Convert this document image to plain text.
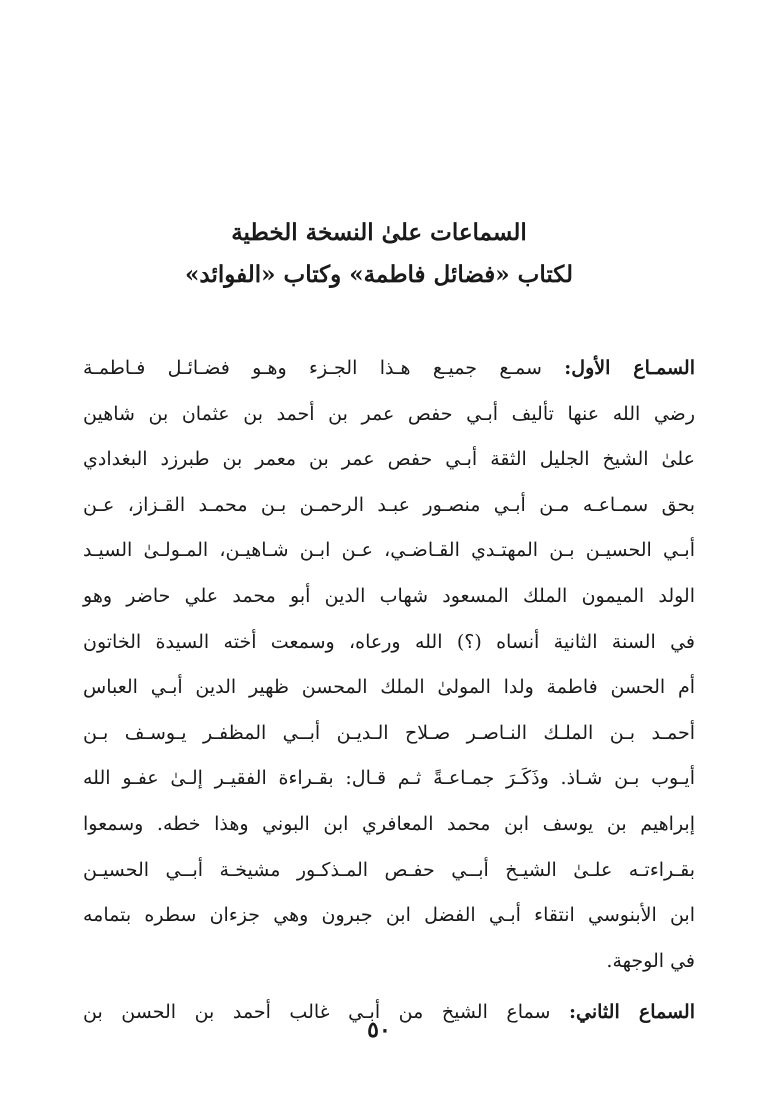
السماعات علىٰ النسخة الخطية
لكتاب «فضائل فاطمة» وكتاب «الفوائد»
السمـاع الأول: سمـع جميـع هـذا الجـزء وهـو فضـائـل فـاطمـة
رضي الله عنها تأليف أبـي حفص عمر بن أحمد بن عثمان بن شاهين
علىٰ الشيخ الجليل الثقة أبـي حفص عمر بن معمر بن طبرزد البغدادي
بحق سمـاعـه مـن أبـي منصـور عبـد الرحمـن بـن محمـد القـزاز، عـن
أبـي الحسيـن بـن المهتـدي القـاضـي، عـن ابـن شـاهيـن، المـولـىٰ السيـد
الولد الميمون الملك المسعود شهاب الدين أبو محمد علي حاضر وهو
في السنة الثانية أنساه (؟) الله ورعاه، وسمعت أخته السيدة الخاتون
أم الحسن فاطمة ولدا المولىٰ الملك المحسن ظهير الدين أبـي العباس
أحمـد بـن الملـك النـاصـر صـلاح الـديـن أبــي المظفـر يـوسـف بـن
أيـوب بـن شـاذ. وذَكَـرَ جمـاعـةً ثـم قـال: بقـراءة الفقيـر إلـىٰ عفـو الله
إبراهيم بن يوسف ابن محمد المعافري ابن البوني وهذا خطه. وسمعوا
بقـراءتـه علـىٰ الشيـخ أبــي حفـص المـذكـور مشيخـة أبــي الحسيـن
ابن الأبنوسي انتقاء أبـي الفضل ابن جبرون وهي جزءان سطره بتمامه
في الوجهة.
السماع الثاني: سماع الشيخ من أبـي غالب أحمد بن الحسن بن
٥٠
